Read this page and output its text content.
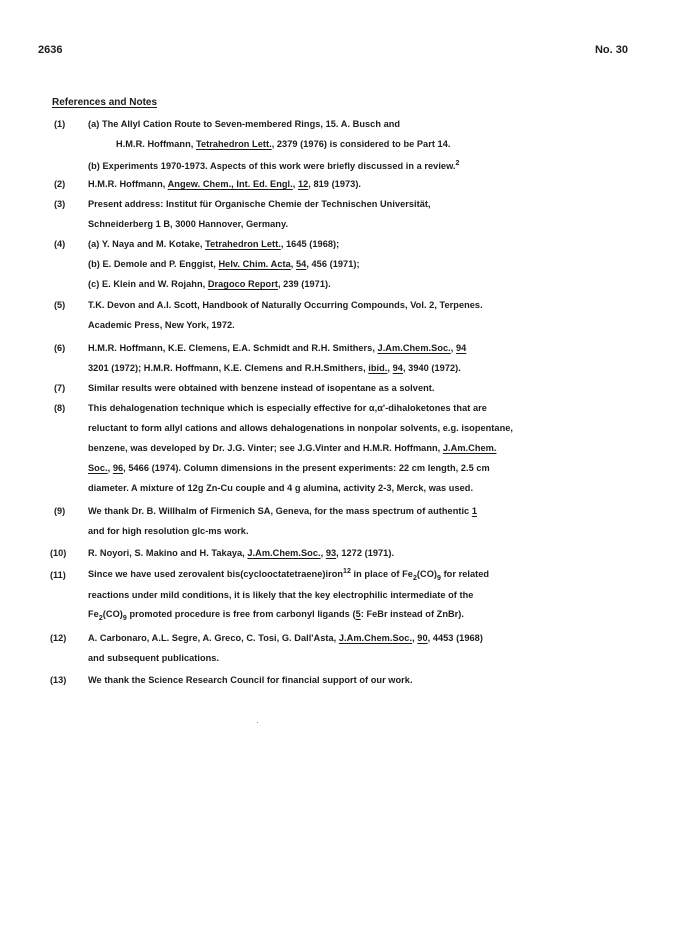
2636	No. 30
References and Notes
(1) (a) The Allyl Cation Route to Seven-membered Rings, 15. A. Busch and
H.M.R. Hoffmann, Tetrahedron Lett., 2379 (1976) is considered to be Part 14.
(b) Experiments 1970-1973. Aspects of this work were briefly discussed in a review.$^2$
(2) H.M.R. Hoffmann, Angew. Chem., Int. Ed. Engl., 12, 819 (1973).
(3) Present address: Institut für Organische Chemie der Technischen Universität,
Schneiderberg 1 B, 3000 Hannover, Germany.
(4) (a) Y. Naya and M. Kotake, Tetrahedron Lett., 1645 (1968);
(b) E. Demole and P. Enggist, Helv. Chim. Acta, 54, 456 (1971);
(c) E. Klein and W. Rojahn, Dragoco Report, 239 (1971).
(5) T.K. Devon and A.I. Scott, Handbook of Naturally Occurring Compounds, Vol. 2, Terpenes.
Academic Press, New York, 1972.
(6) H.M.R. Hoffmann, K.E. Clemens, E.A. Schmidt and R.H. Smithers, J.Am.Chem.Soc., 94
3201 (1972); H.M.R. Hoffmann, K.E. Clemens and R.H.Smithers, ibid., 94, 3940 (1972).
(7) Similar results were obtained with benzene instead of isopentane as a solvent.
(8) This dehalogenation technique which is especially effective for α,α'-dihaloketones that are
reluctant to form allyl cations and allows dehalogenations in nonpolar solvents, e.g. isopentane,
benzene, was developed by Dr. J.G. Vinter; see J.G.Vinter and H.M.R. Hoffmann, J.Am.Chem.
Soc., 96, 5466 (1974). Column dimensions in the present experiments: 22 cm length, 2.5 cm
diameter. A mixture of 12g Zn-Cu couple and 4 g alumina, activity 2-3, Merck, was used.
(9) We thank Dr. B. Willhalm of Firmenich SA, Geneva, for the mass spectrum of authentic 1
and for high resolution glc-ms work.
(10) R. Noyori, S. Makino and H. Takaya, J.Am.Chem.Soc., 93, 1272 (1971).
(11) Since we have used zerovalent bis(cyclooctatetraene)iron$^{12}$ in place of $Fe_2(CO)_9$ for related
reactions under mild conditions, it is likely that the key electrophilic intermediate of the
$Fe_2(CO)_9$ promoted procedure is free from carbonyl ligands (5: FeBr instead of ZnBr).
(12) A. Carbonaro, A.L. Segre, A. Greco, C. Tosi, G. Dall'Asta, J.Am.Chem.Soc., 90, 4453 (1968)
and subsequent publications.
(13) We thank the Science Research Council for financial support of our work.
